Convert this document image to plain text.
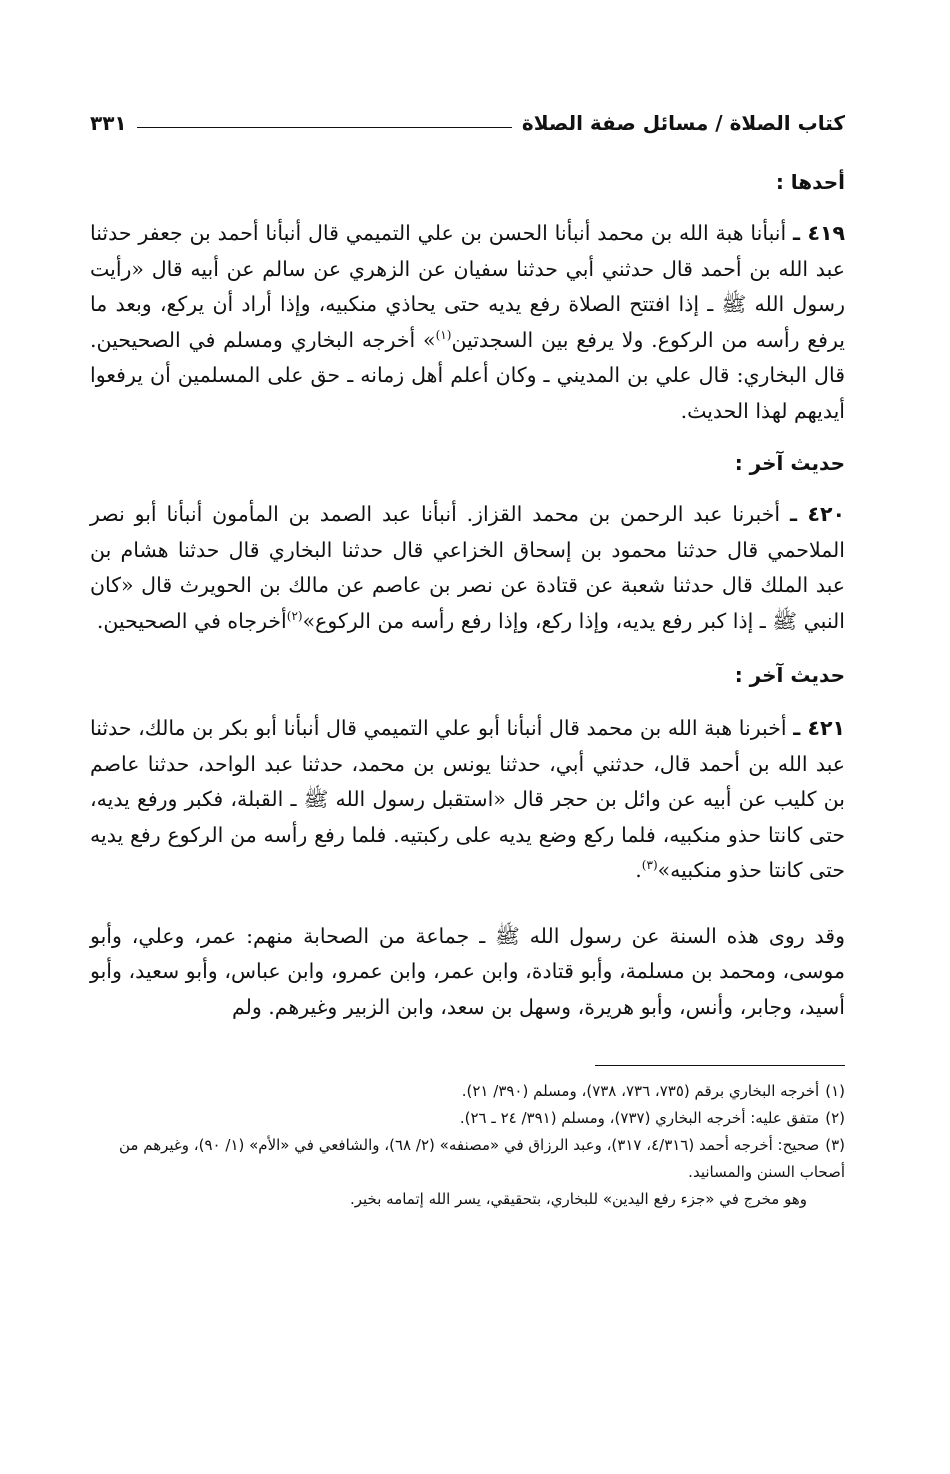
كتاب الصلاة / مسائل صفة الصلاة
٣٣١

أحدها :

٤١٩ ـ أنبأنا هبة الله بن محمد أنبأنا الحسن بن علي التميمي قال أنبأنا أحمد بن جعفر حدثنا عبد الله بن أحمد قال حدثني أبي حدثنا سفيان عن الزهري عن سالم عن أبيه قال «رأيت رسول الله ﷺ ـ إذا افتتح الصلاة رفع يديه حتى يحاذي منكبيه، وإذا أراد أن يركع، وبعد ما يرفع رأسه من الركوع. ولا يرفع بين السجدتين$^{(١)}$» أخرجه البخاري ومسلم في الصحيحين. قال البخاري: قال علي بن المديني ـ وكان أعلم أهل زمانه ـ حق على المسلمين أن يرفعوا أيديهم لهذا الحديث.

حديث آخر :

٤٢٠ ـ أخبرنا عبد الرحمن بن محمد القزاز. أنبأنا عبد الصمد بن المأمون أنبأنا أبو نصر الملاحمي قال حدثنا محمود بن إسحاق الخزاعي قال حدثنا البخاري قال حدثنا هشام بن عبد الملك قال حدثنا شعبة عن قتادة عن نصر بن عاصم عن مالك بن الحويرث قال «كان النبي ﷺ ـ إذا كبر رفع يديه، وإذا ركع، وإذا رفع رأسه من الركوع»$^{(٢)}$أخرجاه في الصحيحين.

حديث آخر :

٤٢١ ـ أخبرنا هبة الله بن محمد قال أنبأنا أبو علي التميمي قال أنبأنا أبو بكر بن مالك، حدثنا عبد الله بن أحمد قال، حدثني أبي، حدثنا يونس بن محمد، حدثنا عبد الواحد، حدثنا عاصم بن كليب عن أبيه عن وائل بن حجر قال «استقبل رسول الله ﷺ ـ القبلة، فكبر ورفع يديه، حتى كانتا حذو منكبيه، فلما ركع وضع يديه على ركبتيه. فلما رفع رأسه من الركوع رفع يديه حتى كانتا حذو منكبيه»$^{(٣)}$.

وقد روى هذه السنة عن رسول الله ﷺ ـ جماعة من الصحابة منهم: عمر، وعلي، وأبو موسى، ومحمد بن مسلمة، وأبو قتادة، وابن عمر، وابن عمرو، وابن عباس، وأبو سعيد، وأبو أسيد، وجابر، وأنس، وأبو هريرة، وسهل بن سعد، وابن الزبير وغيرهم. ولم

(١)أخرجه البخاري برقم (٧٣٥، ٧٣٦، ٧٣٨)، ومسلم (٣٩٠/ ٢١).

(٢)متفق عليه: أخرجه البخاري (٧٣٧)، ومسلم (٣٩١/ ٢٤ ـ ٢٦).

(٣)صحيح: أخرجه أحمد (٤/٣١٦، ٣١٧)، وعبد الرزاق في «مصنفه» (٢/ ٦٨)، والشافعي في «الأم» (١/ ٩٠)، وغيرهم من أصحاب السنن والمسانيد.

وهو مخرج في «جزء رفع اليدين» للبخاري، بتحقيقي، يسر الله إتمامه بخير.
